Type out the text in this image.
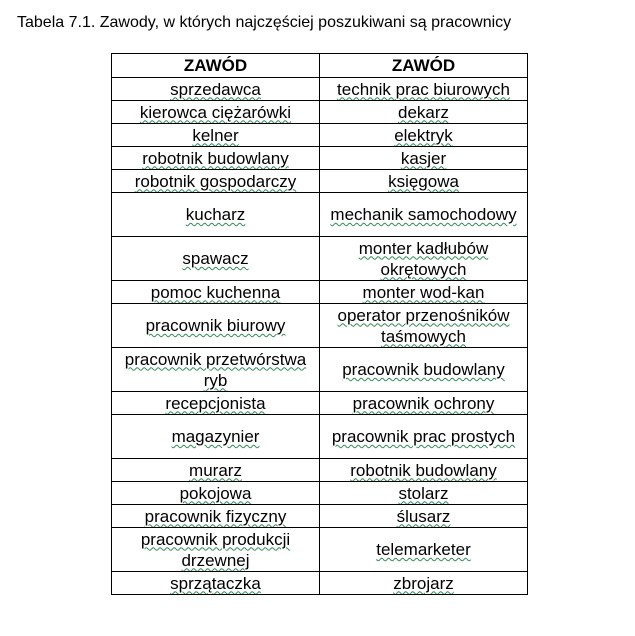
Tabela 7.1. Zawody, w których najczęściej poszukiwani są pracownicy
ZAWÓD	ZAWÓD
sprzedawca	technik prac biurowych
kierowca ciężarówki	dekarz
kelner	elektryk
robotnik budowlany	kasjer
robotnik gospodarczy	księgowa
kucharz	mechanik samochodowy
spawacz	monter kadłubów okrętowych
pomoc kuchenna	monter wod-kan
pracownik biurowy	operator przenośników taśmowych
pracownik przetwórstwa ryb	pracownik budowlany
recepcjonista	pracownik ochrony
magazynier	pracownik prac prostych
murarz	robotnik budowlany
pokojowa	stolarz
pracownik fizyczny	ślusarz
pracownik produkcji drzewnej	telemarketer
sprzątaczka	zbrojarz
